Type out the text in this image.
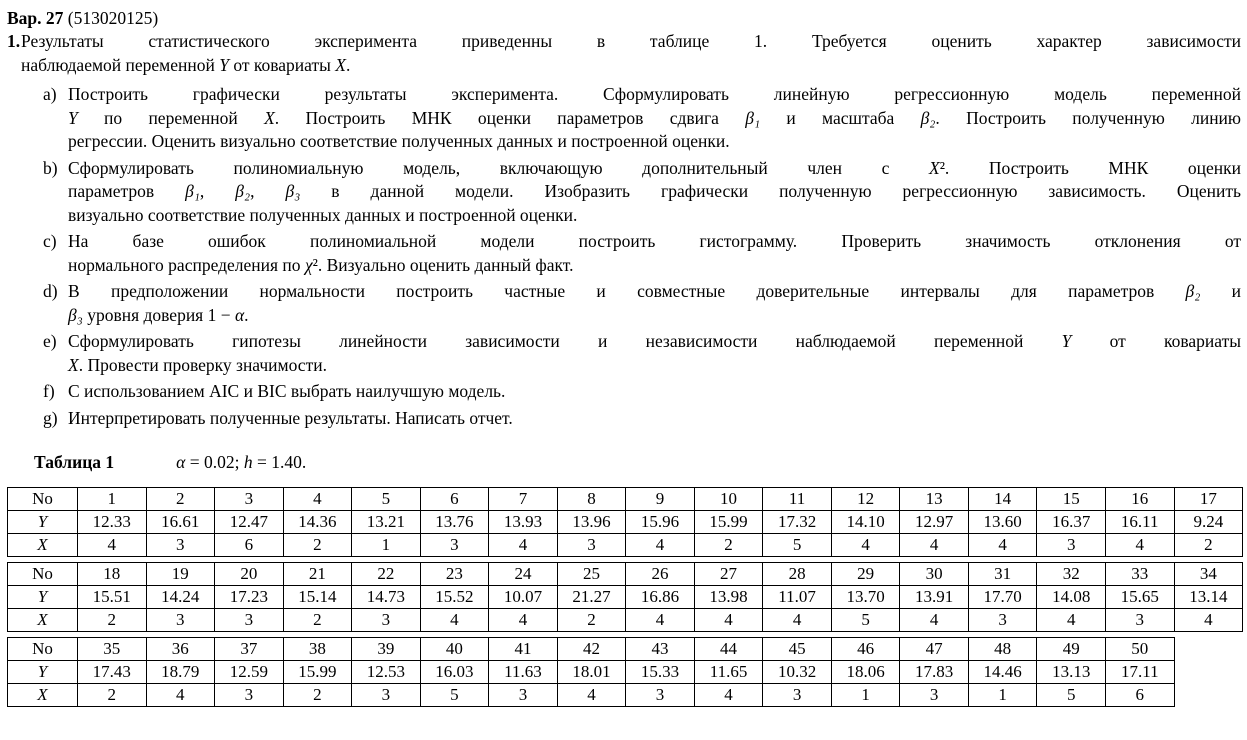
Вар. 27 (513020125)
1. Результаты статистического эксперимента приведенны в таблице 1. Требуется оценить характер зависимости
наблюдаемой переменной Y от ковариаты X.
a) Построить графически результаты эксперимента. Сформулировать линейную регрессионную модель переменной
Y по переменной X. Построить МНК оценки параметров сдвига β₁ и масштаба β₂. Построить полученную линию
регрессии. Оценить визуально соответствие полученных данных и построенной оценки.
b) Сформулировать полиномиальную модель, включающую дополнительный член с X². Построить МНК оценки
параметров β₁, β₂, β₃ в данной модели. Изобразить графически полученную регрессионную зависимость. Оценить
визуально соответствие полученных данных и построенной оценки.
c) На базе ошибок полиномиальной модели построить гистограмму. Проверить значимость отклонения от
нормального распределения по χ². Визуально оценить данный факт.
d) В предположении нормальности построить частные и совместные доверительные интервалы для параметров β₂ и
β₃ уровня доверия 1 − α.
e) Сформулировать гипотезы линейности зависимости и независимости наблюдаемой переменной Y от ковариаты
X. Провести проверку значимости.
f) С использованием AIC и BIC выбрать наилучшую модель.
g) Интерпретировать полученные результаты. Написать отчет.
Таблица 1	α = 0.02; h = 1.40.
No	1	2	3	4	5	6	7	8	9	10	11	12	13	14	15	16	17
Y	12.33	16.61	12.47	14.36	13.21	13.76	13.93	13.96	15.96	15.99	17.32	14.10	12.97	13.60	16.37	16.11	9.24
X	4	3	6	2	1	3	4	3	4	2	5	4	4	4	3	4	2
No	18	19	20	21	22	23	24	25	26	27	28	29	30	31	32	33	34
Y	15.51	14.24	17.23	15.14	14.73	15.52	10.07	21.27	16.86	13.98	11.07	13.70	13.91	17.70	14.08	15.65	13.14
X	2	3	3	2	3	4	4	2	4	4	4	5	4	3	4	3	4
No	35	36	37	38	39	40	41	42	43	44	45	46	47	48	49	50
Y	17.43	18.79	12.59	15.99	12.53	16.03	11.63	18.01	15.33	11.65	10.32	18.06	17.83	14.46	13.13	17.11
X	2	4	3	2	3	5	3	4	3	4	3	1	3	1	5	6
